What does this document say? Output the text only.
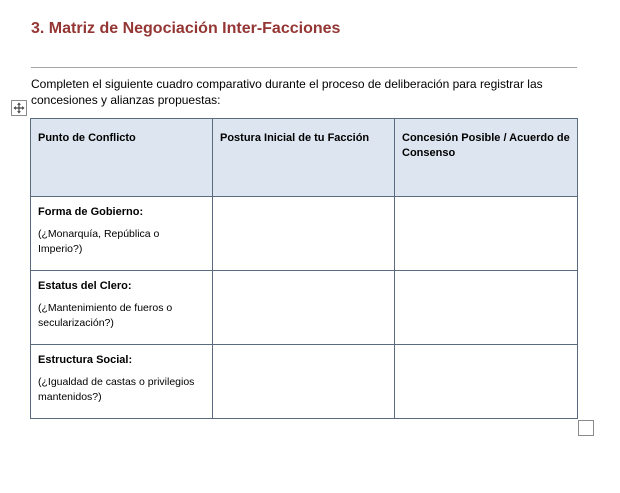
3. Matriz de Negociación Inter-Facciones
Completen el siguiente cuadro comparativo durante el proceso de deliberación para registrar las concesiones y alianzas propuestas:
Punto de Conflicto	Postura Inicial de tu Facción	Concesión Posible / Acuerdo de Consenso

Forma de Gobierno:
(¿Monarquía, República o Imperio?)		

Estatus del Clero:
(¿Mantenimiento de fueros o secularización?)		

Estructura Social:
(¿Igualdad de castas o privilegios mantenidos?)		
